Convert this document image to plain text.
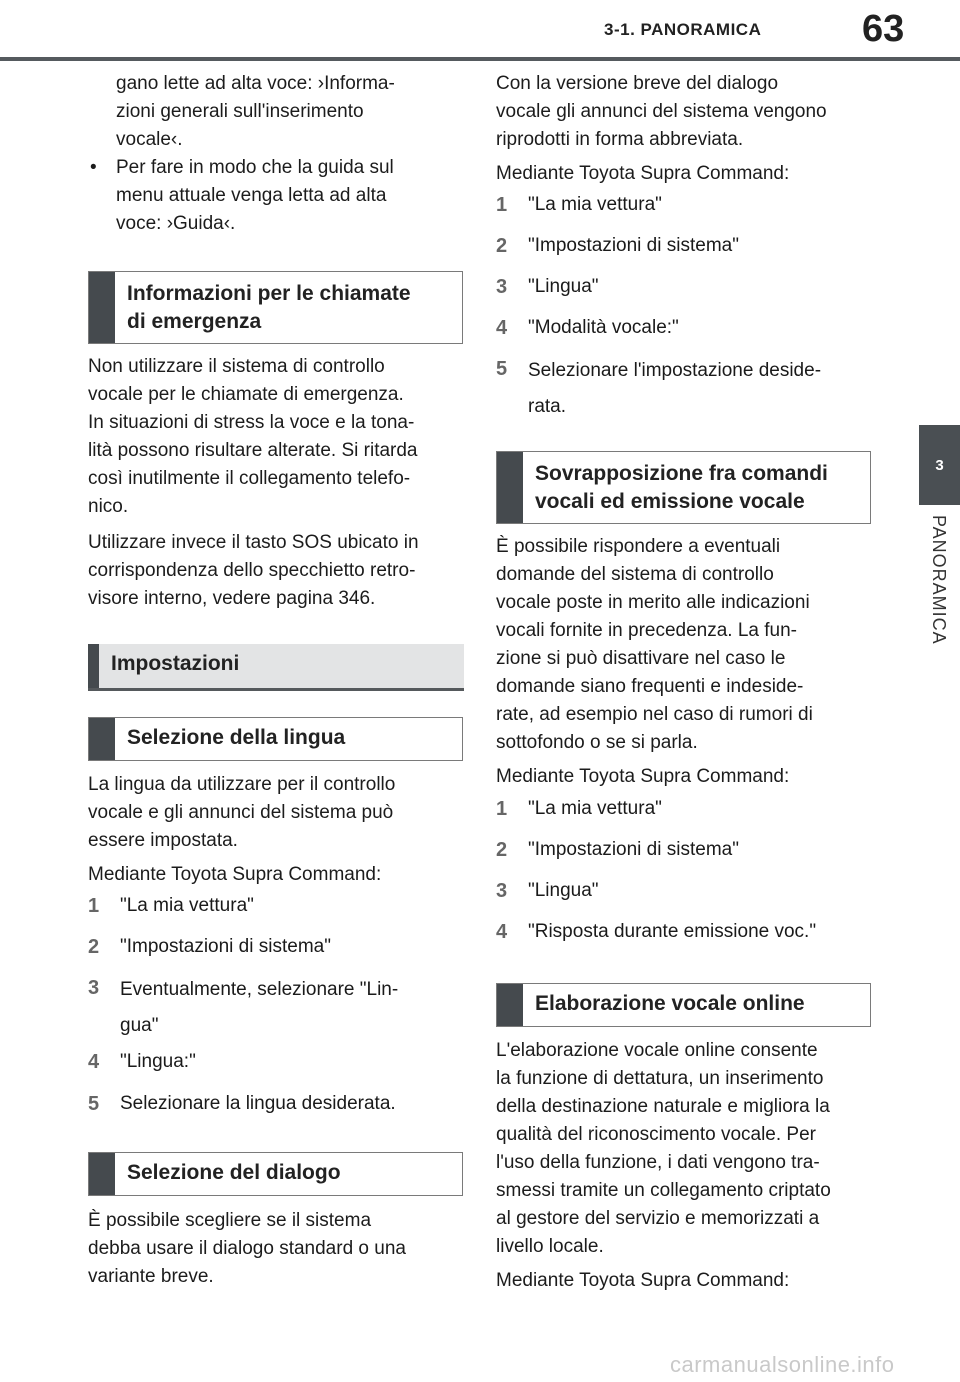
3-1. PANORAMICA	63
3
PANORAMICA
gano lette ad alta voce: ›Informa-
zioni generali sull'inserimento
vocale‹.
• Per fare in modo che la guida sul
menu attuale venga letta ad alta
voce: ›Guida‹.
Informazioni per le chiamate
di emergenza
Non utilizzare il sistema di controllo
vocale per le chiamate di emergenza.
In situazioni di stress la voce e la tona-
lità possono risultare alterate. Si ritarda
così inutilmente il collegamento telefo-
nico.
Utilizzare invece il tasto SOS ubicato in
corrispondenza dello specchietto retro-
visore interno, vedere pagina 346.
Impostazioni
Selezione della lingua
La lingua da utilizzare per il controllo
vocale e gli annunci del sistema può
essere impostata.
Mediante Toyota Supra Command:
1	"La mia vettura"
2	"Impostazioni di sistema"
3	Eventualmente, selezionare "Lin-
gua"
4	"Lingua:"
5	Selezionare la lingua desiderata.
Selezione del dialogo
È possibile scegliere se il sistema
debba usare il dialogo standard o una
variante breve.
Con la versione breve del dialogo
vocale gli annunci del sistema vengono
riprodotti in forma abbreviata.
Mediante Toyota Supra Command:
1	"La mia vettura"
2	"Impostazioni di sistema"
3	"Lingua"
4	"Modalità vocale:"
5	Selezionare l'impostazione deside-
rata.
Sovrapposizione fra comandi
vocali ed emissione vocale
È possibile rispondere a eventuali
domande del sistema di controllo
vocale poste in merito alle indicazioni
vocali fornite in precedenza. La fun-
zione si può disattivare nel caso le
domande siano frequenti e indeside-
rate, ad esempio nel caso di rumori di
sottofondo o se si parla.
Mediante Toyota Supra Command:
1	"La mia vettura"
2	"Impostazioni di sistema"
3	"Lingua"
4	"Risposta durante emissione voc."
Elaborazione vocale online
L'elaborazione vocale online consente
la funzione di dettatura, un inserimento
della destinazione naturale e migliora la
qualità del riconoscimento vocale. Per
l'uso della funzione, i dati vengono tra-
smessi tramite un collegamento criptato
al gestore del servizio e memorizzati a
livello locale.
Mediante Toyota Supra Command:
carmanualsonline.info
